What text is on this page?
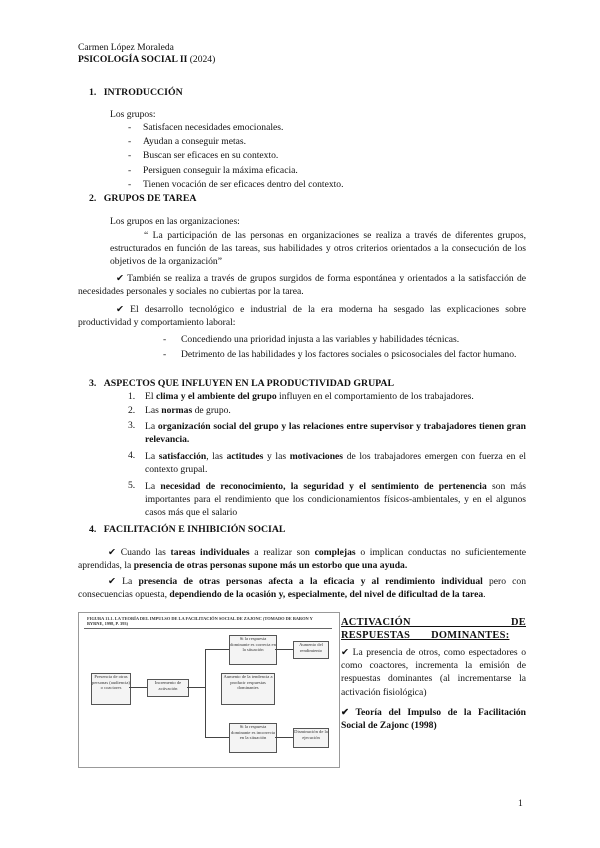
Carmen López Moraleda
PSICOLOGÍA SOCIAL II (2024)
1. INTRODUCCIÓN
Los grupos:
- Satisfacen necesidades emocionales.
- Ayudan a conseguir metas.
- Buscan ser eficaces en su contexto.
- Persiguen conseguir la máxima eficacia.
- Tienen vocación de ser eficaces dentro del contexto.
2. GRUPOS DE TAREA
Los grupos en las organizaciones:
“ La participación de las personas en organizaciones se realiza a través de diferentes grupos, estructurados en función de las tareas, sus habilidades y otros criterios orientados a la consecución de los objetivos de la organización”
✔ También se realiza a través de grupos surgidos de forma espontánea y orientados a la satisfacción de necesidades personales y sociales no cubiertas por la tarea.
✔ El desarrollo tecnológico e industrial de la era moderna ha sesgado las explicaciones sobre productividad y comportamiento laboral:
- Concediendo una prioridad injusta a las variables y habilidades técnicas.
- Detrimento de las habilidades y los factores sociales o psicosociales del factor humano.
3. ASPECTOS QUE INFLUYEN EN LA PRODUCTIVIDAD GRUPAL
1. El clima y el ambiente del grupo influyen en el comportamiento de los trabajadores.
2. Las normas de grupo.
3. La organización social del grupo y las relaciones entre supervisor y trabajadores tienen gran relevancia.
4. La satisfacción, las actitudes y las motivaciones de los trabajadores emergen con fuerza en el contexto grupal.
5. La necesidad de reconocimiento, la seguridad y el sentimiento de pertenencia son más importantes para el rendimiento que los condicionamientos físicos-ambientales, y en el algunos casos más que el salario
4. FACILITACIÓN E INHIBICIÓN SOCIAL
✔ Cuando las tareas individuales a realizar son complejas o implican conductas no suficientemente aprendidas, la presencia de otras personas supone más un estorbo que una ayuda.
✔ La presencia de otras personas afecta a la eficacia y al rendimiento individual pero con consecuencias opuesta, dependiendo de la ocasión y, especialmente, del nivel de dificultad de la tarea.
FIGURA 11.1. LA TEORÍA DEL IMPULSO DE LA FACILITACIÓN SOCIAL DE ZAJONC (TOMADO DE BARON Y BYRNE, 1998, P. 393)
Presencia de otras personas (audiencia) o coactores
Incremento de activación
Si la respuesta dominante es correcta en la situación
Aumento de la tendencia a producir respuestas dominantes
Si la respuesta dominante es incorrecta en la situación
Aumento del rendimiento
Disminución de la ejecución
ACTIVACIÓN DE RESPUESTAS DOMINANTES:
✔ La presencia de otros, como espectadores o como coactores, incrementa la emisión de respuestas dominantes (al incrementarse la activación fisiológica)
✔ Teoría del Impulso de la Facilitación Social de Zajonc (1998)
1
